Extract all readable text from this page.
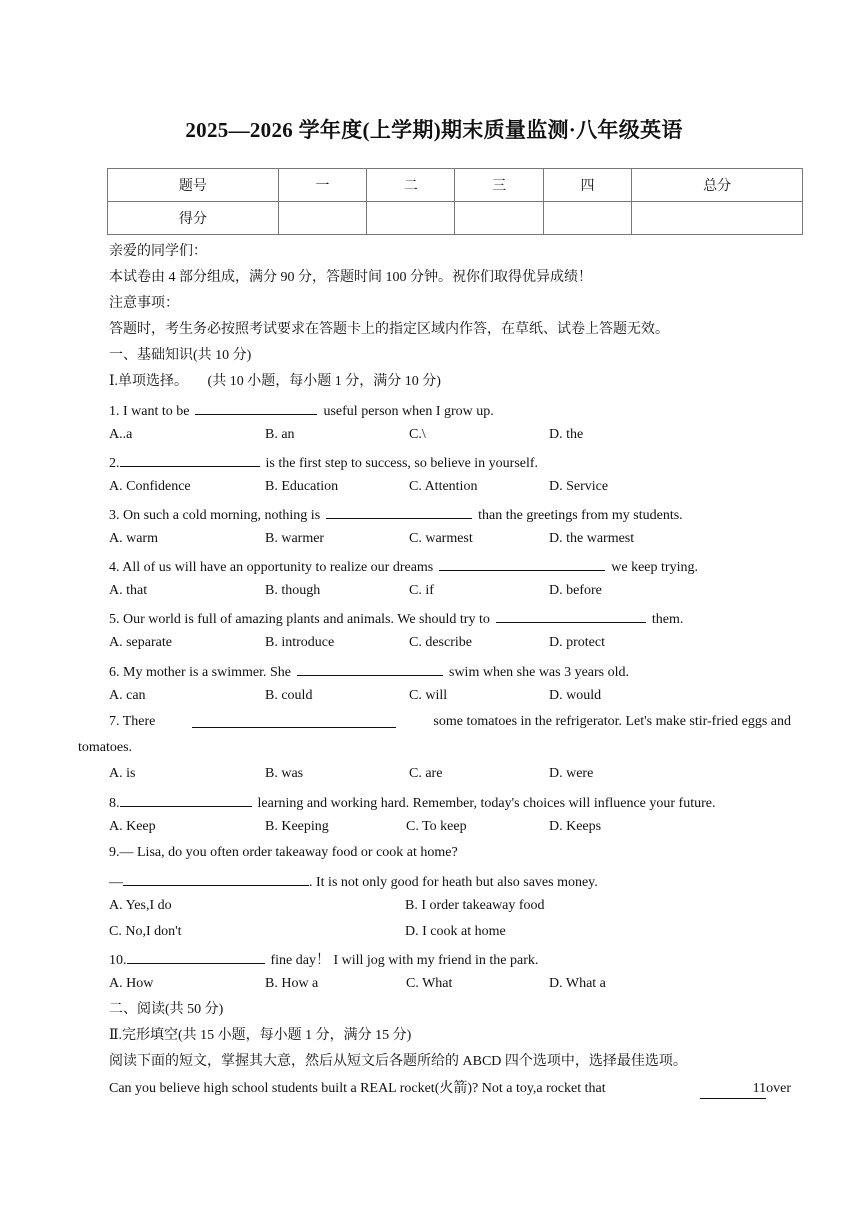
2025—2026 学年度(上学期)期末质量监测·八年级英语
题号	一	二	三	四	总分
得分					
亲爱的同学们：
本试卷由 4 部分组成，满分 90 分，答题时间 100 分钟。祝你们取得优异成绩！
注意事项：
答题时，考生务必按照考试要求在答题卡上的指定区域内作答，在草纸、试卷上答题无效。
一、基础知识(共 10 分)
Ⅰ.单项选择。 (共 10 小题，每小题 1 分，满分 10 分)
1. I want to be	useful person when I grow up.
A..a	B. an	C.\	D. the
2.	is the first step to success, so believe in yourself.
A. Confidence	B. Education	C. Attention	D. Service
3. On such a cold morning, nothing is	than the greetings from my students.
A. warm	B. warmer	C. warmest	D. the warmest
4. All of us will have an opportunity to realize our dreams	we keep trying.
A. that	B. though	C. if	D. before
5. Our world is full of amazing plants and animals. We should try to	them.
A. separate	B. introduce	C. describe	D. protect
6. My mother is a swimmer. She	swim when she was 3 years old.
A. can	B. could	C. will	D. would
7. There	some tomatoes in the refrigerator. Let's make stir-fried eggs and
tomatoes.
A. is	B. was	C. are	D. were
8.	learning and working hard. Remember, today's choices will influence your future.
A. Keep	B. Keeping	C. To keep	D. Keeps
9.— Lisa, do you often order takeaway food or cook at home?
—	. It is not only good for heath but also saves money.
A. Yes,I do	B. I order takeaway food
C. No,I don't	D. I cook at home
10.	fine day！ I will jog with my friend in the park.
A. How	B. How a	C. What	D. What a
二、阅读(共 50 分)
Ⅱ.完形填空(共 15 小题，每小题 1 分，满分 15 分)
阅读下面的短文，掌握其大意，然后从短文后各题所给的 ABCD 四个选项中，选择最佳选项。
Can you believe high school students built a REAL rocket(火箭)? Not a toy,a rocket that	11over
